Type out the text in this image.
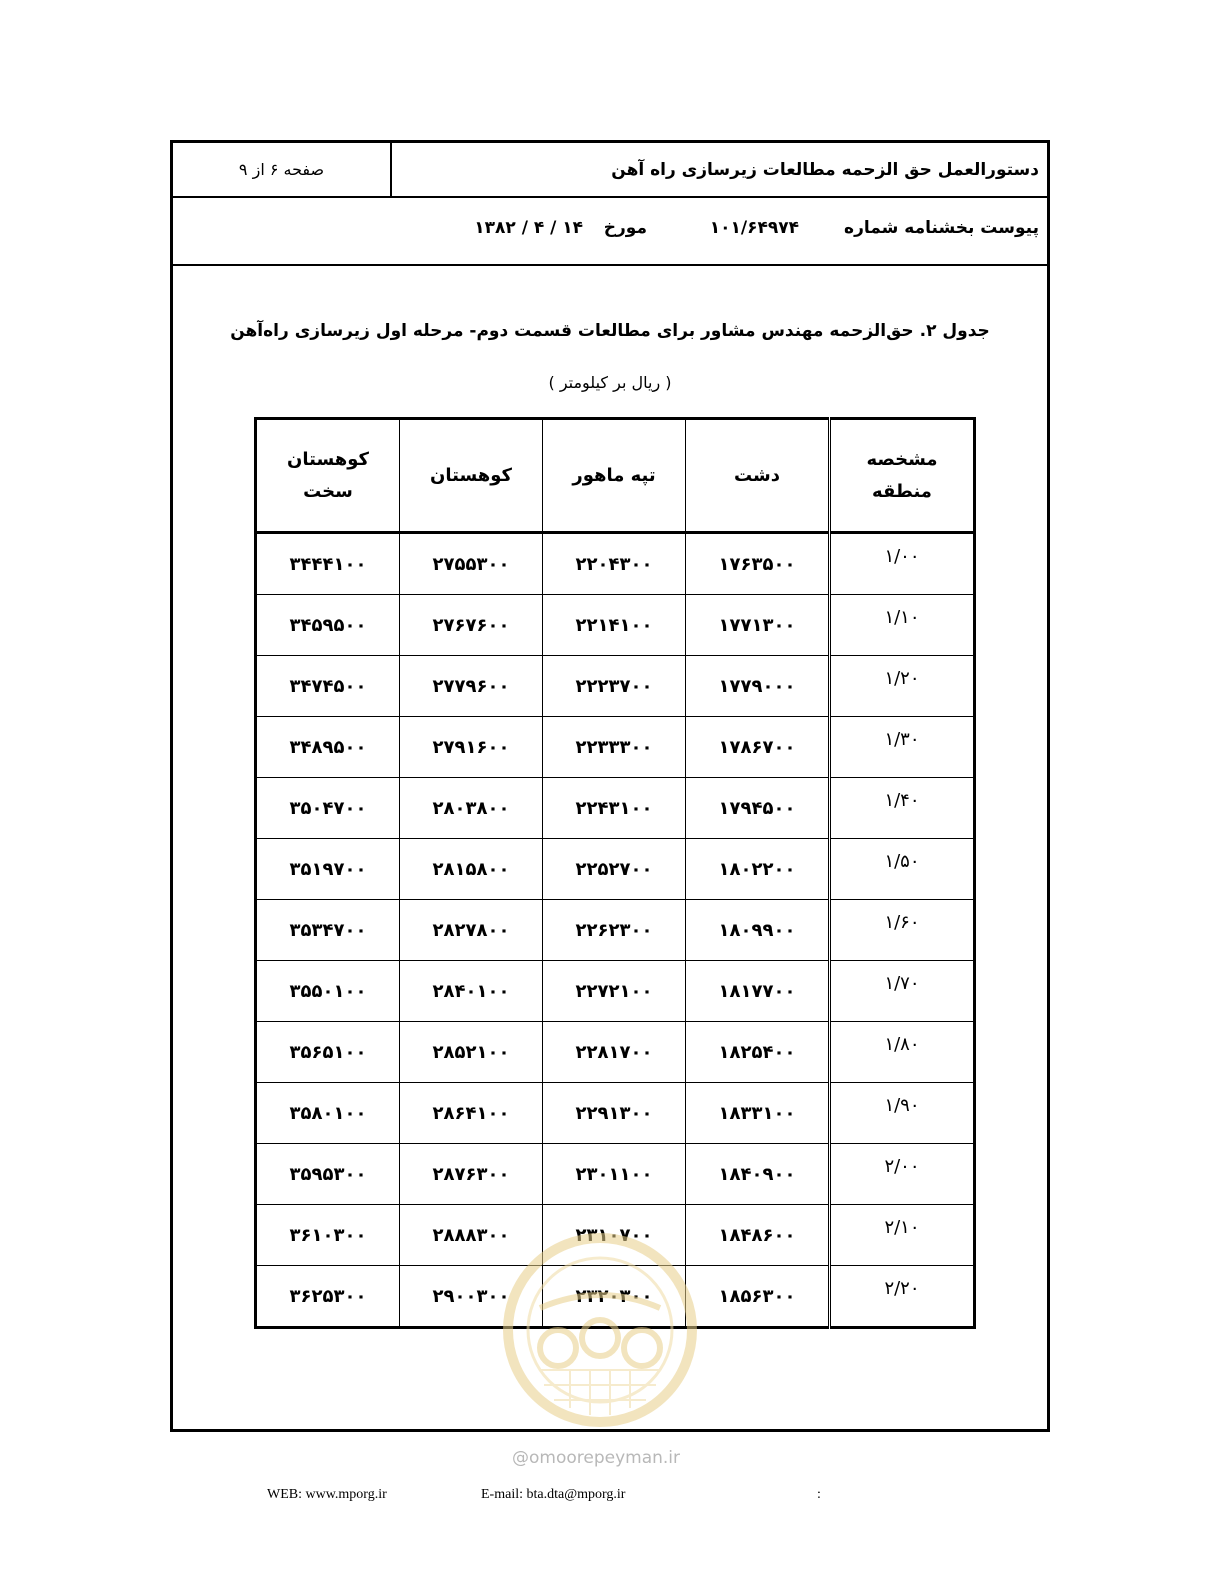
صفحه ۶ از ۹	دستورالعمل حق الزحمه مطالعات زیرسازی راه آهن
پیوست بخشنامه شماره
۱۰۱/۶۴۹۷۴
مورخ
۱۳۸۲ / ۴ / ۱۴
جدول ۲. حق‌الزحمه مهندس مشاور برای مطالعات قسمت دوم- مرحله اول زیرسازی راه‌آهن
( ریال بر کیلومتر )
مشخصه
منطقه	دشت	تپه ماهور	کوهستان	کوهستان
سخت
۱/۰۰	۱۷۶۳۵۰۰	۲۲۰۴۳۰۰	۲۷۵۵۳۰۰	۳۴۴۴۱۰۰
۱/۱۰	۱۷۷۱۳۰۰	۲۲۱۴۱۰۰	۲۷۶۷۶۰۰	۳۴۵۹۵۰۰
۱/۲۰	۱۷۷۹۰۰۰	۲۲۲۳۷۰۰	۲۷۷۹۶۰۰	۳۴۷۴۵۰۰
۱/۳۰	۱۷۸۶۷۰۰	۲۲۳۳۳۰۰	۲۷۹۱۶۰۰	۳۴۸۹۵۰۰
۱/۴۰	۱۷۹۴۵۰۰	۲۲۴۳۱۰۰	۲۸۰۳۸۰۰	۳۵۰۴۷۰۰
۱/۵۰	۱۸۰۲۲۰۰	۲۲۵۲۷۰۰	۲۸۱۵۸۰۰	۳۵۱۹۷۰۰
۱/۶۰	۱۸۰۹۹۰۰	۲۲۶۲۳۰۰	۲۸۲۷۸۰۰	۳۵۳۴۷۰۰
۱/۷۰	۱۸۱۷۷۰۰	۲۲۷۲۱۰۰	۲۸۴۰۱۰۰	۳۵۵۰۱۰۰
۱/۸۰	۱۸۲۵۴۰۰	۲۲۸۱۷۰۰	۲۸۵۲۱۰۰	۳۵۶۵۱۰۰
۱/۹۰	۱۸۳۳۱۰۰	۲۲۹۱۳۰۰	۲۸۶۴۱۰۰	۳۵۸۰۱۰۰
۲/۰۰	۱۸۴۰۹۰۰	۲۳۰۱۱۰۰	۲۸۷۶۳۰۰	۳۵۹۵۳۰۰
۲/۱۰	۱۸۴۸۶۰۰	۲۳۱۰۷۰۰	۲۸۸۸۳۰۰	۳۶۱۰۳۰۰
۲/۲۰	۱۸۵۶۳۰۰	۲۳۲۰۳۰۰	۲۹۰۰۳۰۰	۳۶۲۵۳۰۰
@omoorepeyman.ir
WEB: www.mporg.ir	E-mail: bta.dta@mporg.ir	:
